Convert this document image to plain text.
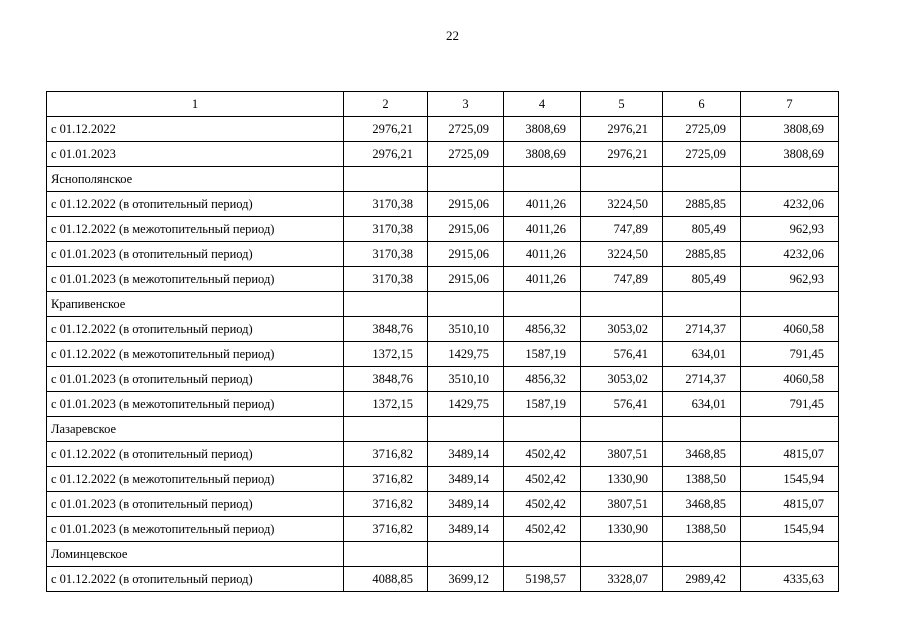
22
1	2	3	4	5	6	7
с 01.12.2022	2976,21	2725,09	3808,69	2976,21	2725,09	3808,69
с 01.01.2023	2976,21	2725,09	3808,69	2976,21	2725,09	3808,69
Яснополянское						
с 01.12.2022 (в отопительный период)	3170,38	2915,06	4011,26	3224,50	2885,85	4232,06
с 01.12.2022 (в межотопительный период)	3170,38	2915,06	4011,26	747,89	805,49	962,93
с 01.01.2023 (в отопительный период)	3170,38	2915,06	4011,26	3224,50	2885,85	4232,06
с 01.01.2023 (в межотопительный период)	3170,38	2915,06	4011,26	747,89	805,49	962,93
Крапивенское						
с 01.12.2022 (в отопительный период)	3848,76	3510,10	4856,32	3053,02	2714,37	4060,58
с 01.12.2022 (в межотопительный период)	1372,15	1429,75	1587,19	576,41	634,01	791,45
с 01.01.2023 (в отопительный период)	3848,76	3510,10	4856,32	3053,02	2714,37	4060,58
с 01.01.2023 (в межотопительный период)	1372,15	1429,75	1587,19	576,41	634,01	791,45
Лазаревское						
с 01.12.2022 (в отопительный период)	3716,82	3489,14	4502,42	3807,51	3468,85	4815,07
с 01.12.2022 (в межотопительный период)	3716,82	3489,14	4502,42	1330,90	1388,50	1545,94
с 01.01.2023 (в отопительный период)	3716,82	3489,14	4502,42	3807,51	3468,85	4815,07
с 01.01.2023 (в межотопительный период)	3716,82	3489,14	4502,42	1330,90	1388,50	1545,94
Ломинцевское						
с 01.12.2022 (в отопительный период)	4088,85	3699,12	5198,57	3328,07	2989,42	4335,63
